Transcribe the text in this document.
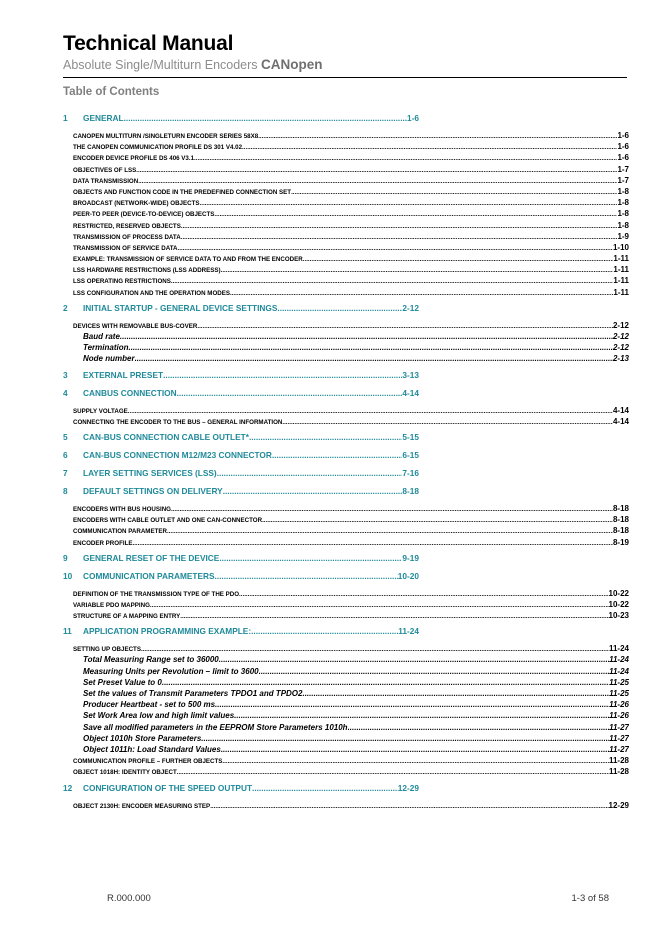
Technical Manual
Absolute Single/Multiturn Encoders CANopen
Table of Contents
1	GENERAL .....	1-6
CANOPEN MULTITURN /SINGLETURN ENCODER SERIES 58X8 .....	1-6
THE CANOPEN COMMUNICATION PROFILE DS 301 V4.02 .....	1-6
ENCODER DEVICE PROFILE DS 406 V3.1 .....	1-6
OBJECTIVES OF LSS .....	1-7
DATA TRANSMISSION .....	1-7
OBJECTS AND FUNCTION CODE IN THE PREDEFINED CONNECTION SET .....	1-8
BROADCAST (NETWORK-WIDE) OBJECTS .....	1-8
PEER-TO PEER (DEVICE-TO-DEVICE) OBJECTS .....	1-8
RESTRICTED, RESERVED OBJECTS .....	1-8
TRANSMISSION OF PROCESS DATA .....	1-9
TRANSMISSION OF SERVICE DATA .....	1-10
EXAMPLE: TRANSMISSION OF SERVICE DATA TO AND FROM THE ENCODER .....	1-11
LSS HARDWARE RESTRICTIONS (LSS ADDRESS) .....	1-11
LSS OPERATING RESTRICTIONS .....	1-11
LSS CONFIGURATION AND THE OPERATION MODES .....	1-11
2	INITIAL STARTUP - GENERAL DEVICE SETTINGS .....	2-12
DEVICES WITH REMOVABLE BUS-COVER .....	2-12
Baud rate .....	2-12
Termination .....	2-12
Node number .....	2-13
3	EXTERNAL PRESET .....	3-13
4	CANBUS CONNECTION .....	4-14
SUPPLY VOLTAGE .....	4-14
CONNECTING THE ENCODER TO THE BUS – GENERAL INFORMATION .....	4-14
5	CAN-BUS CONNECTION CABLE OUTLET* .....	5-15
6	CAN-BUS CONNECTION M12/M23 CONNECTOR .....	6-15
7	LAYER SETTING SERVICES (LSS) .....	7-16
8	DEFAULT SETTINGS ON DELIVERY .....	8-18
ENCODERS WITH BUS HOUSING .....	8-18
ENCODERS WITH CABLE OUTLET AND ONE CAN-CONNECTOR .....	8-18
COMMUNICATION PARAMETER .....	8-18
ENCODER PROFILE .....	8-19
9	GENERAL RESET OF THE DEVICE .....	9-19
10	COMMUNICATION PARAMETERS .....	10-20
DEFINITION OF THE TRANSMISSION TYPE OF THE PDO .....	10-22
VARIABLE PDO MAPPING .....	10-22
STRUCTURE OF A MAPPING ENTRY .....	10-23
11	APPLICATION PROGRAMMING EXAMPLE: .....	11-24
SETTING UP OBJECTS .....	11-24
Total Measuring Range set to 36000 .....	11-24
Measuring Units per Revolution – limit to 3600 .....	11-24
Set Preset Value to 0 .....	11-25
Set the values of Transmit Parameters TPDO1 and TPDO2 .....	11-25
Producer Heartbeat - set to 500 ms .....	11-26
Set Work Area low and high limit values .....	11-26
Save all modified parameters in the EEPROM Store Parameters 1010h .....	11-27
Object 1010h Store Parameters .....	11-27
Object 1011h: Load Standard Values .....	11-27
COMMUNICATION PROFILE – FURTHER OBJECTS .....	11-28
OBJECT 1018H: IDENTITY OBJECT .....	11-28
12	CONFIGURATION OF THE SPEED OUTPUT .....	12-29
OBJECT 2130H: ENCODER MEASURING STEP .....	12-29
R.000.000	1-3 of 58
